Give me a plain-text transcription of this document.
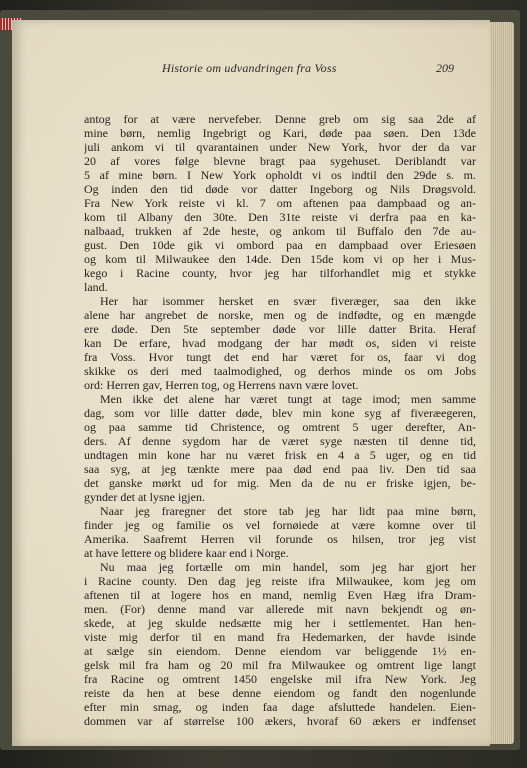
Historie om udvandringen fra Voss	209
antog for at være nervefeber. Denne greb om sig saa 2de af
mine børn, nemlig Ingebrigt og Kari, døde paa søen. Den 13de
juli ankom vi til qvarantainen under New York, hvor der da var
20 af vores følge blevne bragt paa sygehuset. Deriblandt var
5 af mine børn. I New York opholdt vi os indtil den 29de s. m.
Og inden den tid døde vor datter Ingeborg og Nils Drøgsvold.
Fra New York reiste vi kl. 7 om aftenen paa dampbaad og an-
kom til Albany den 30te. Den 31te reiste vi derfra paa en ka-
nalbaad, trukken af 2de heste, og ankom til Buffalo den 7de au-
gust. Den 10de gik vi ombord paa en dampbaad over Eriesøen
og kom til Milwaukee den 14de. Den 15de kom vi op her i Mus-
kego i Racine county, hvor jeg har tilforhandlet mig et stykke
land.
Her har isommer hersket en svær fiveræger, saa den ikke
alene har angrebet de norske, men og de indfødte, og en mængde
ere døde. Den 5te september døde vor lille datter Brita. Heraf
kan De erfare, hvad modgang der har mødt os, siden vi reiste
fra Voss. Hvor tungt det end har været for os, faar vi dog
skikke os deri med taalmodighed, og derhos minde os om Jobs
ord: Herren gav, Herren tog, og Herrens navn være lovet.
Men ikke det alene har været tungt at tage imod; men samme
dag, som vor lille datter døde, blev min kone syg af fiveræegeren,
og paa samme tid Christence, og omtrent 5 uger derefter, An-
ders. Af denne sygdom har de været syge næsten til denne tid,
undtagen min kone har nu været frisk en 4 a 5 uger, og en tid
saa syg, at jeg tænkte mere paa død end paa liv. Den tid saa
det ganske mørkt ud for mig. Men da de nu er friske igjen, be-
gynder det at lysne igjen.
Naar jeg fraregner det store tab jeg har lidt paa mine børn,
finder jeg og familie os vel fornøiede at være komne over til
Amerika. Saafremt Herren vil forunde os hilsen, tror jeg vist
at have lettere og blidere kaar end i Norge.
Nu maa jeg fortælle om min handel, som jeg har gjort her
i Racine county. Den dag jeg reiste ifra Milwaukee, kom jeg om
aftenen til at logere hos en mand, nemlig Even Hæg ifra Dram-
men. (For) denne mand var allerede mit navn bekjendt og øn-
skede, at jeg skulde nedsætte mig her i settlementet. Han hen-
viste mig derfor til en mand fra Hedemarken, der havde isinde
at sælge sin eiendom. Denne eiendom var beliggende 1½ en-
gelsk mil fra ham og 20 mil fra Milwaukee og omtrent lige langt
fra Racine og omtrent 1450 engelske mil ifra New York. Jeg
reiste da hen at bese denne eiendom og fandt den nogenlunde
efter min smag, og inden faa dage afsluttede handelen. Eien-
dommen var af størrelse 100 ækers, hvoraf 60 ækers er indfenset
